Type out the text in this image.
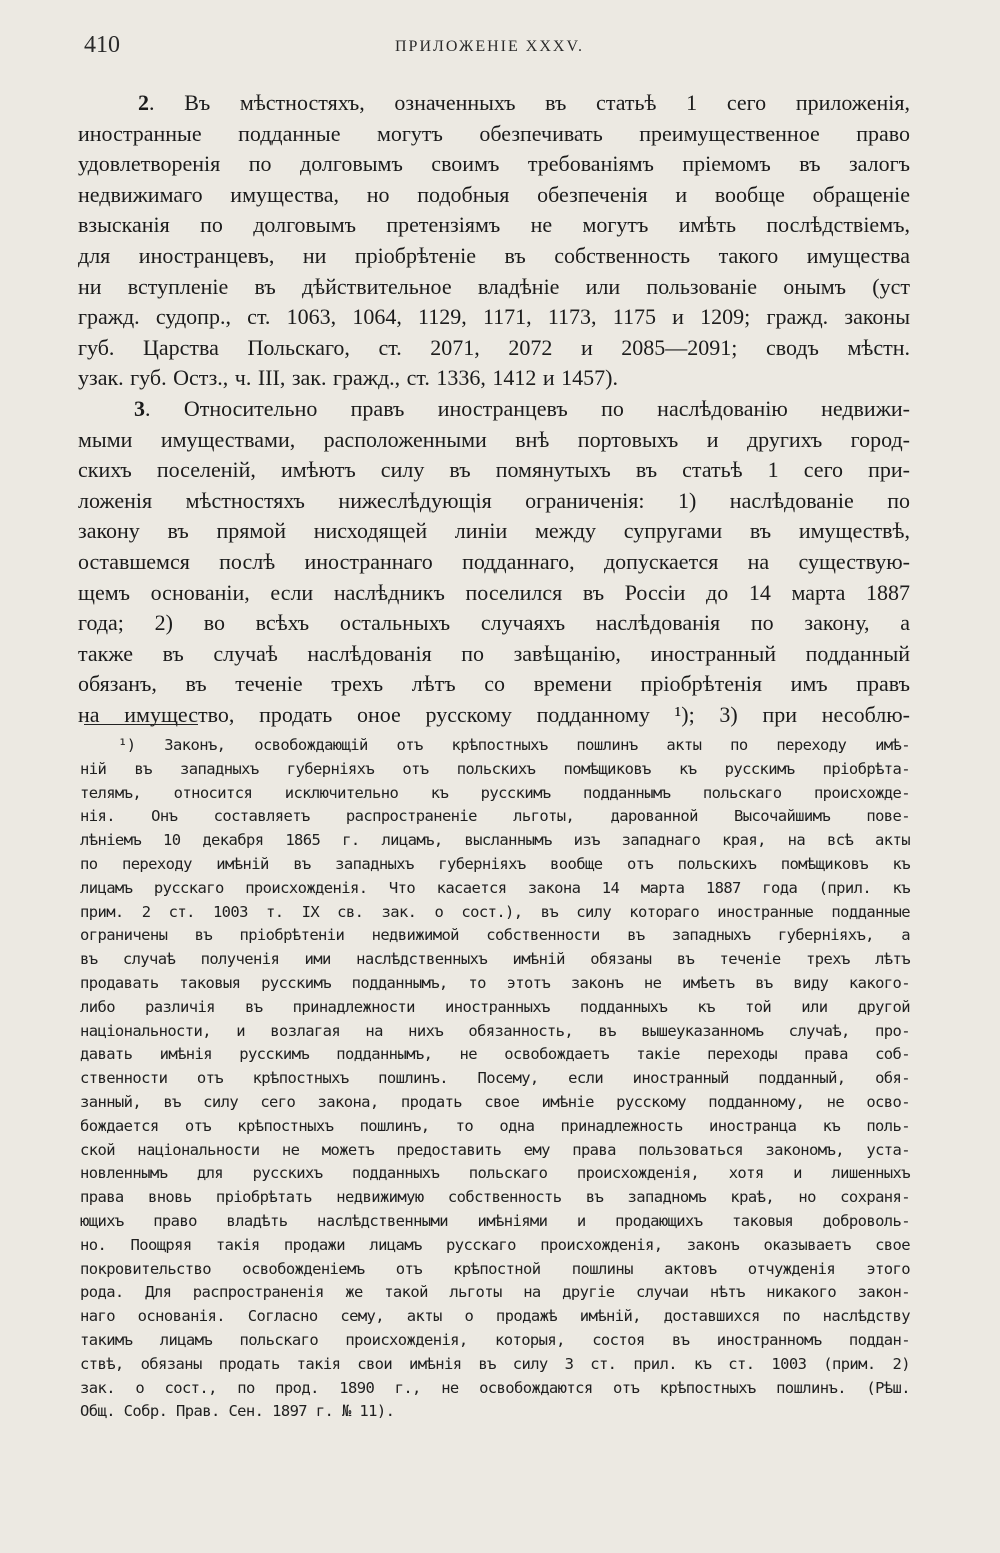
410	ПРИЛОЖЕНІЕ XXXV.
2. Въ мѣстностяхъ, означенныхъ въ статьѣ 1 сего приложенія,
иностранные подданные могутъ обезпечивать преимущественное право
удовлетворенія по долговымъ своимъ требованіямъ пріемомъ въ залогъ
недвижимаго имущества, но подобныя обезпеченія и вообще обращеніе
взысканія по долговымъ претензіямъ не могутъ имѣть послѣдствіемъ,
для иностранцевъ, ни пріобрѣтеніе въ собственность такого имущества
ни вступленіе въ дѣйствительное владѣніе или пользованіе онымъ (уст
гражд. судопр., ст. 1063, 1064, 1129, 1171, 1173, 1175 и 1209; гражд. законы
губ. Царства Польскаго, ст. 2071, 2072 и 2085—2091; сводъ мѣстн.
узак. губ. Остз., ч. III, зак. гражд., ст. 1336, 1412 и 1457).
3. Относительно правъ иностранцевъ по наслѣдованію недвижи-
мыми имуществами, расположенными внѣ портовыхъ и другихъ город-
скихъ поселеній, имѣютъ силу въ помянутыхъ въ статьѣ 1 сего при-
ложенія мѣстностяхъ нижеслѣдующія ограниченія: 1) наслѣдованіе по
закону въ прямой нисходящей линіи между супругами въ имуществѣ,
оставшемся послѣ иностраннаго подданнаго, допускается на существую-
щемъ основаніи, если наслѣдникъ поселился въ Россіи до 14 марта 1887
года; 2) во всѣхъ остальныхъ случаяхъ наслѣдованія по закону, а
также въ случаѣ наслѣдованія по завѣщанію, иностранный подданный
обязанъ, въ теченіе трехъ лѣтъ со времени пріобрѣтенія имъ правъ
на имущество, продать оное русскому подданному ¹); 3) при несоблю-
¹) Законъ, освобождающій отъ крѣпостныхъ пошлинъ акты по переходу имѣ-
ній въ западныхъ губерніяхъ отъ польскихъ помѣщиковъ къ русскимъ пріобрѣта-
телямъ, относится исключительно къ русскимъ подданнымъ польскаго происхожде-
нія. Онъ составляетъ распространеніе льготы, дарованной Высочайшимъ пове-
лѣніемъ 10 декабря 1865 г. лицамъ, высланнымъ изъ западнаго края, на всѣ акты
по переходу имѣній въ западныхъ губерніяхъ вообще отъ польскихъ помѣщиковъ къ
лицамъ русскаго происхожденія. Что касается закона 14 марта 1887 года (прил. къ
прим. 2 ст. 1003 т. IX св. зак. о сост.), въ силу котораго иностранные подданные
ограничены въ пріобрѣтеніи недвижимой собственности въ западныхъ губерніяхъ, а
въ случаѣ полученія ими наслѣдственныхъ имѣній обязаны въ теченіе трехъ лѣтъ
продавать таковыя русскимъ подданнымъ, то этотъ законъ не имѣетъ въ виду какого-
либо различія въ принадлежности иностранныхъ подданныхъ къ той или другой
національности, и возлагая на нихъ обязанность, въ вышеуказанномъ случаѣ, про-
давать имѣнія русскимъ подданнымъ, не освобождаетъ такіе переходы права соб-
ственности отъ крѣпостныхъ пошлинъ. Посему, если иностранный подданный, обя-
занный, въ силу сего закона, продать свое имѣніе русскому подданному, не осво-
бождается отъ крѣпостныхъ пошлинъ, то одна принадлежность иностранца къ поль-
ской національности не можетъ предоставить ему права пользоваться закономъ, уста-
новленнымъ для русскихъ подданныхъ польскаго происхожденія, хотя и лишенныхъ
права вновь пріобрѣтать недвижимую собственность въ западномъ краѣ, но сохраня-
ющихъ право владѣть наслѣдственными имѣніями и продающихъ таковыя доброволь-
но. Поощряя такія продажи лицамъ русскаго происхожденія, законъ оказываетъ свое
покровительство освобожденіемъ отъ крѣпостной пошлины актовъ отчужденія этого
рода. Для распространенія же такой льготы на другіе случаи нѣтъ никакого закон-
наго основанія. Согласно сему, акты о продажѣ имѣній, доставшихся по наслѣдству
такимъ лицамъ польскаго происхожденія, которыя, состоя въ иностранномъ поддан-
ствѣ, обязаны продать такія свои имѣнія въ силу 3 ст. прил. къ ст. 1003 (прим. 2)
зак. о сост., по прод. 1890 г., не освобождаются отъ крѣпостныхъ пошлинъ. (Рѣш.
Общ. Собр. Прав. Сен. 1897 г. № 11).
